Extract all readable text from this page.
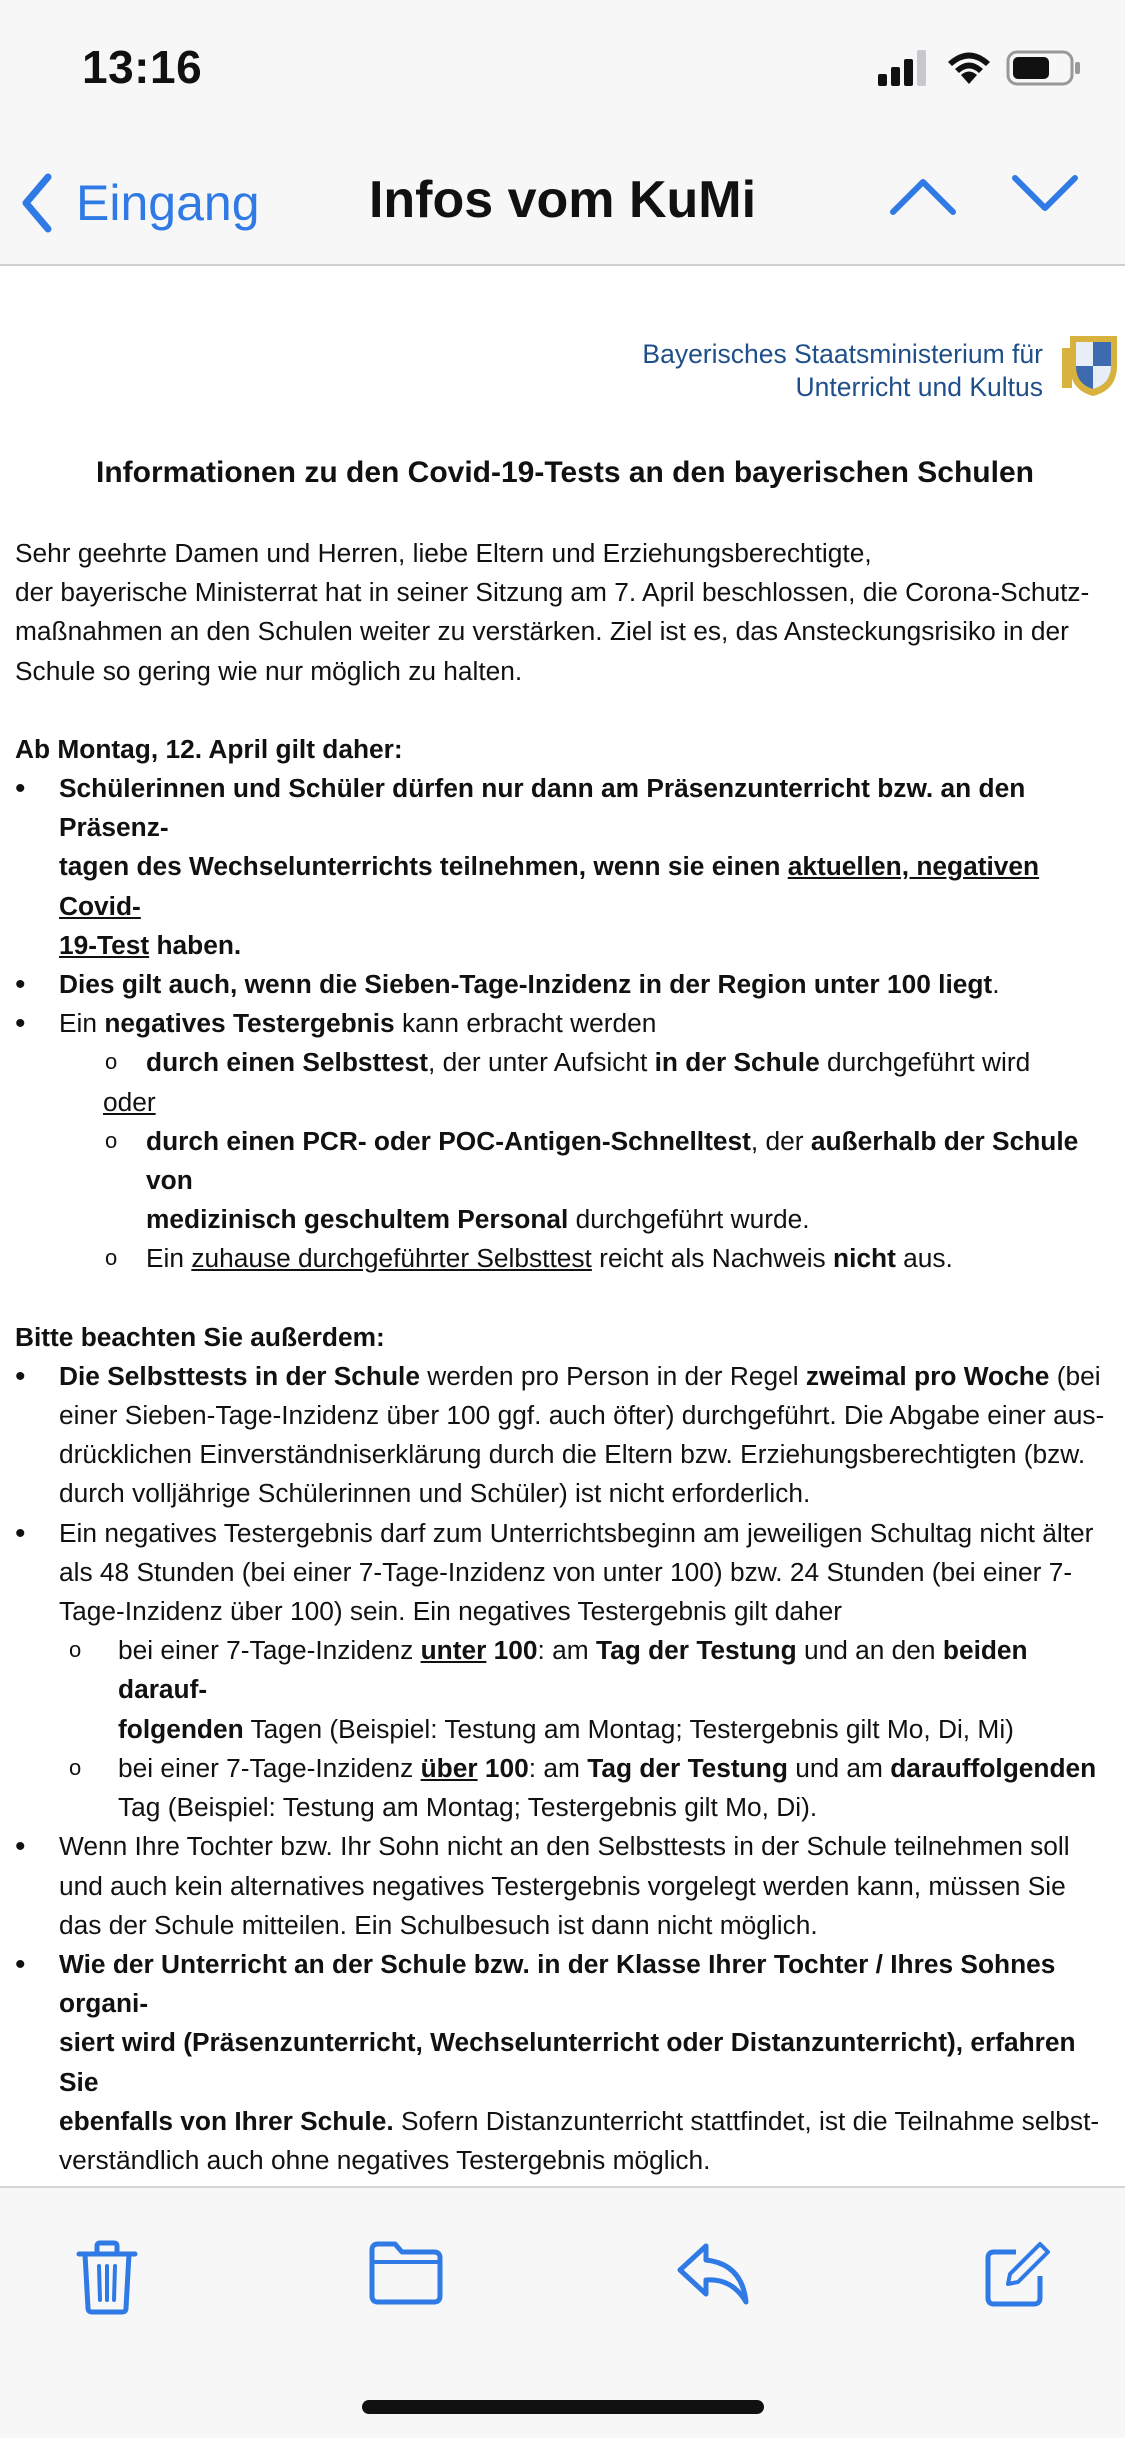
13:16
Eingang	Infos vom KuMi
Bayerisches Staatsministerium für
Unterricht und Kultus
Informationen zu den Covid-19-Tests an den bayerischen Schulen

Sehr geehrte Damen und Herren, liebe Eltern und Erziehungsberechtigte,

der bayerische Ministerrat hat in seiner Sitzung am 7. April beschlossen, die Corona-Schutz-

maßnahmen an den Schulen weiter zu verstärken. Ziel ist es, das Ansteckungsrisiko in der

Schule so gering wie nur möglich zu halten.

Ab Montag, 12. April gilt daher:

• Schülerinnen und Schüler dürfen nur dann am Präsenzunterricht bzw. an den Präsenz-
tagen des Wechselunterrichts teilnehmen, wenn sie einen aktuellen, negativen Covid-
19-Test haben.
• Dies gilt auch, wenn die Sieben-Tage-Inzidenz in der Region unter 100 liegt.
• Ein negatives Testergebnis kann erbracht werden
o durch einen Selbsttest, der unter Aufsicht in der Schule durchgeführt wird

oder

o durch einen PCR- oder POC-Antigen-Schnelltest, der außerhalb der Schule von
medizinisch geschultem Personal durchgeführt wurde.
o Ein zuhause durchgeführter Selbsttest reicht als Nachweis nicht aus.

Bitte beachten Sie außerdem:

• Die Selbsttests in der Schule werden pro Person in der Regel zweimal pro Woche (bei
einer Sieben-Tage-Inzidenz über 100 ggf. auch öfter) durchgeführt. Die Abgabe einer aus-
drücklichen Einverständniserklärung durch die Eltern bzw. Erziehungsberechtigten (bzw.
durch volljährige Schülerinnen und Schüler) ist nicht erforderlich.
• Ein negatives Testergebnis darf zum Unterrichtsbeginn am jeweiligen Schultag nicht älter
als 48 Stunden (bei einer 7-Tage-Inzidenz von unter 100) bzw. 24 Stunden (bei einer 7-
Tage-Inzidenz über 100) sein. Ein negatives Testergebnis gilt daher
o bei einer 7-Tage-Inzidenz unter 100: am Tag der Testung und an den beiden darauf-
folgenden Tagen (Beispiel: Testung am Montag; Testergebnis gilt Mo, Di, Mi)
o bei einer 7-Tage-Inzidenz über 100: am Tag der Testung und am darauffolgenden
Tag (Beispiel: Testung am Montag; Testergebnis gilt Mo, Di).
• Wenn Ihre Tochter bzw. Ihr Sohn nicht an den Selbsttests in der Schule teilnehmen soll
und auch kein alternatives negatives Testergebnis vorgelegt werden kann, müssen Sie
das der Schule mitteilen. Ein Schulbesuch ist dann nicht möglich.
• Wie der Unterricht an der Schule bzw. in der Klasse Ihrer Tochter / Ihres Sohnes organi-
siert wird (Präsenzunterricht, Wechselunterricht oder Distanzunterricht), erfahren Sie
ebenfalls von Ihrer Schule. Sofern Distanzunterricht stattfindet, ist die Teilnahme selbst-
verständlich auch ohne negatives Testergebnis möglich.
•
